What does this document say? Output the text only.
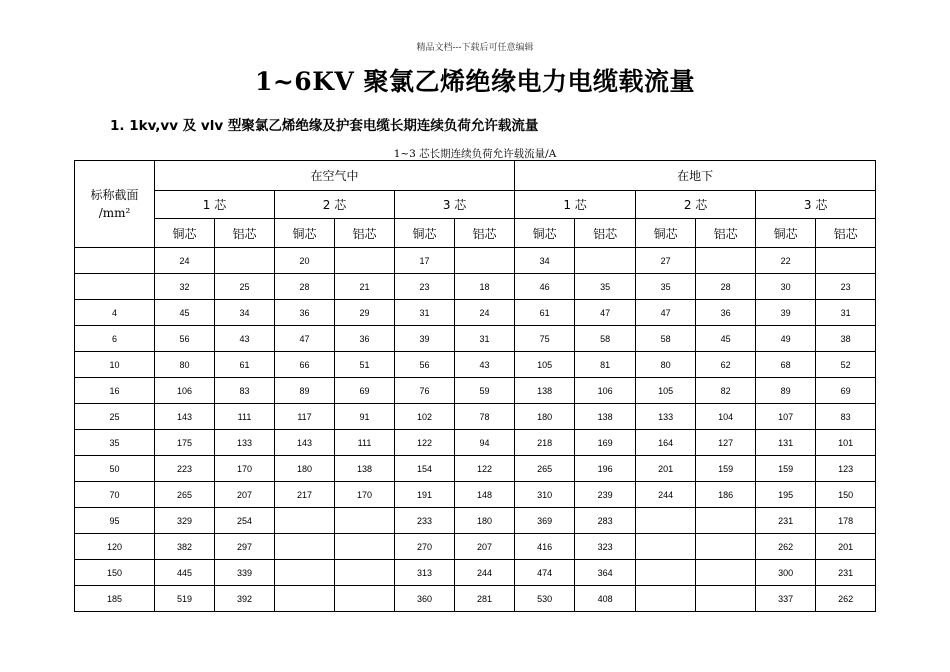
精品文档---下载后可任意编辑
1~6KV 聚氯乙烯绝缘电力电缆载流量
1. 1kv,vv 及 vlv 型聚氯乙烯绝缘及护套电缆长期连续负荷允许载流量
1~3 芯长期连续负荷允许载流量/A
标称截面
/mm²	在空气中						在地下					
	1 芯		2 芯		3 芯		1 芯		2 芯		3 芯	
	铜芯	铝芯	铜芯	铝芯	铜芯	铝芯	铜芯	铝芯	铜芯	铝芯	铜芯	铝芯
	24		20		17		34		27		22	
	32	25	28	21	23	18	46	35	35	28	30	23
4	45	34	36	29	31	24	61	47	47	36	39	31
6	56	43	47	36	39	31	75	58	58	45	49	38
10	80	61	66	51	56	43	105	81	80	62	68	52
16	106	83	89	69	76	59	138	106	105	82	89	69
25	143	111	117	91	102	78	180	138	133	104	107	83
35	175	133	143	111	122	94	218	169	164	127	131	101
50	223	170	180	138	154	122	265	196	201	159	159	123
70	265	207	217	170	191	148	310	239	244	186	195	150
95	329	254			233	180	369	283			231	178
120	382	297			270	207	416	323			262	201
150	445	339			313	244	474	364			300	231
185	519	392			360	281	530	408			337	262
